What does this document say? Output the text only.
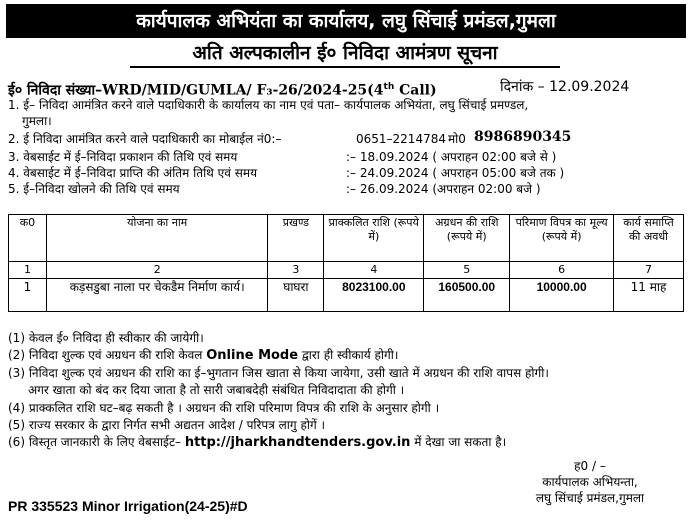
कार्यपालक अभियंता का कार्यालय, लघु सिंचाई प्रमंडल,गुमला
अति अल्पकालीन ई० निविदा आमंत्रण सूचना
ई० निविदा संख्या–WRD/MID/GUMLA/ F₃-26/2024-25(4th Call)	दिनांक – 12.09.2024
1. ई– निविदा आमंत्रित करने वाले पदाधिकारी के कार्यालय का नाम एवं पता– कार्यपालक अभियंता, लघु सिंचाई प्रमण्डल,
गुमला।
2. ई निविदा आमंत्रित करने वाले पदाधिकारी का मोबाईल नं0:–	0651–2214784 मो0 8986890345
3. वेबसाईट में ई–निविदा प्रकाशन की तिथि एवं समय	:– 18.09.2024 ( अपराहन 02:00 बजे से )
4. वेबसाईट में ई–निविदा प्राप्ति की अंतिम तिथि एवं समय	:– 24.09.2024 ( अपराहन 05:00 बजे तक )
5. ई–निविदा खोलने की तिथि एवं समय	:– 26.09.2024 (अपराहन 02:00 बजे )
क0	योजना का नाम	प्रखण्ड	प्राक्कलित राशि (रूपये में)	अग्रधन की राशि (रूपये में)	परिमाण विपत्र का मूल्य (रूपये में)	कार्य समाप्ति की अवधी
1	2	3	4	5	6	7
1	कड़सडुबा नाला पर चेकडैम निर्माण कार्य।	घाघरा	8023100.00	160500.00	10000.00	11 माह
(1) केवल ई० निविदा ही स्वीकार की जायेगी।
(2) निविदा शुल्क एवं अग्रधन की राशि केवल Online Mode द्वारा ही स्वीकार्य होगी।
(3) निविदा शुल्क एवं अग्रधन की राशि का ई–भुगतान जिस खाता से किया जायेगा, उसी खाते में अग्रधन की राशि वापस होगी।
अगर खाता को बंद कर दिया जाता है तो सारी जबाबदेही संबंधित निविदादाता की होगी ।
(4) प्राक्कलित राशि घट–बढ़ सकती है । अग्रधन की राशि परिमाण विपत्र की राशि के अनुसार होगी ।
(5) राज्य सरकार के द्वारा निर्गत सभी अद्यतन आदेश / परिपत्र लागु होगें ।
(6) विस्तृत जानकारी के लिए वेबसाईट– http://jharkhandtenders.gov.in में देखा जा सकता है।
ह0 / –
कार्यपालक अभियन्ता,
लघु सिंचाई प्रमंडल,गुमला
PR 335523 Minor Irrigation(24-25)#D
